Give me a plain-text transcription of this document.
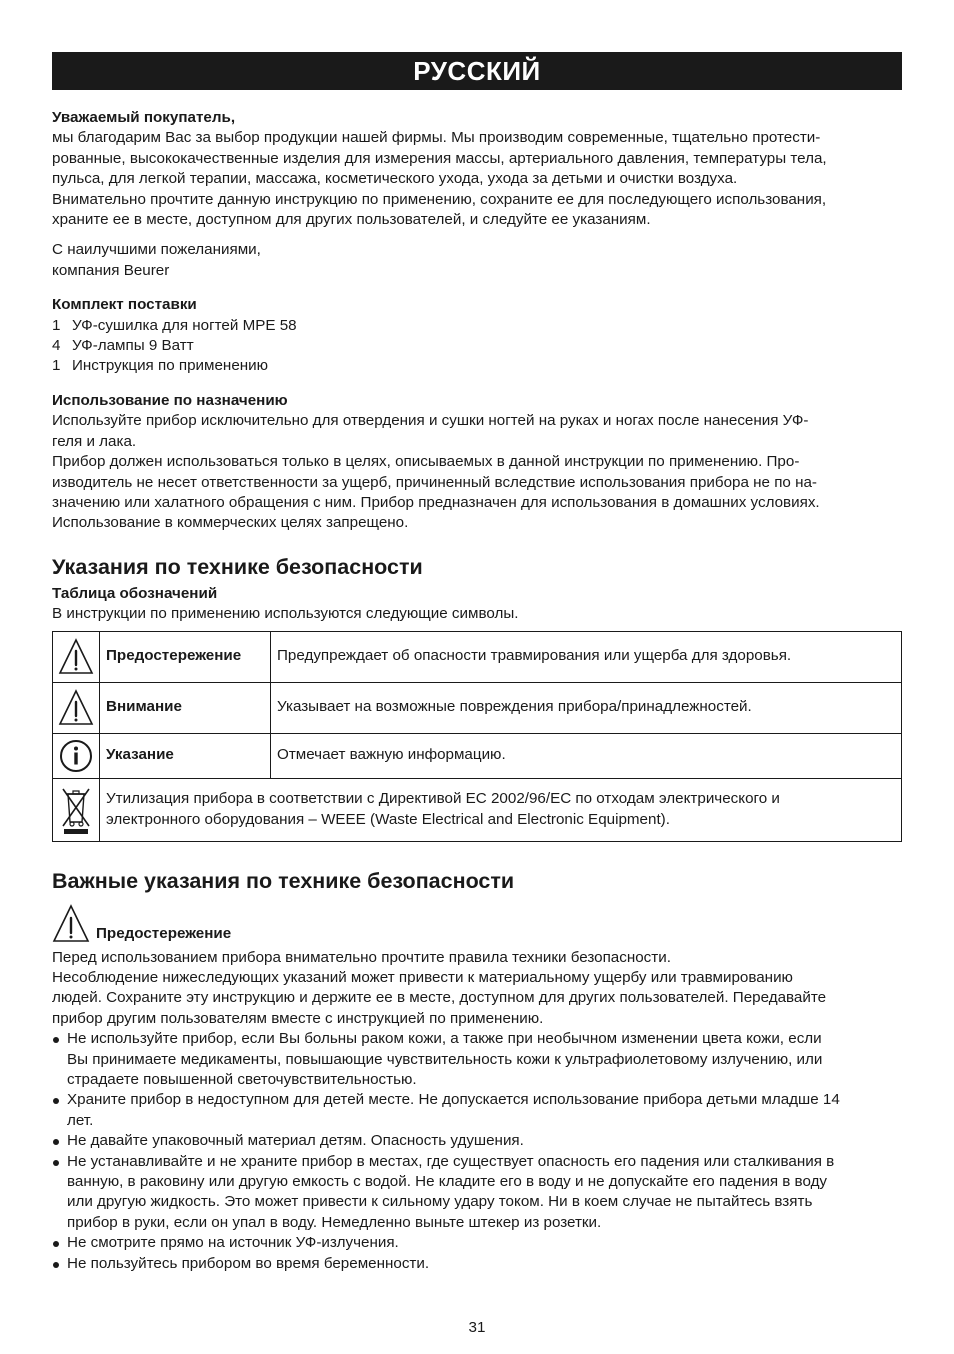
РУССКИЙ

Уважаемый покупатель,

мы благодарим Вас за выбор продукции нашей фирмы. Мы производим современные, тщательно протести-

рованные, высококачественные изделия для измерения массы, артериального давления, температуры тела,

пульса, для легкой терапии, массажа, косметического ухода, ухода за детьми и очистки воздуха.

Внимательно прочтите данную инструкцию по применению, сохраните ее для последующего использования,

храните ее в месте, доступном для других пользователей, и следуйте ее указаниям.

С наилучшими пожеланиями,

компания Beurer

Комплект поставки

1 УФ-сушилка для ногтей MPE 58
4 УФ-лампы 9 Ватт
1 Инструкция по применению

Использование по назначению

Используйте прибор исключительно для отвердения и сушки ногтей на руках и ногах после нанесения УФ-

геля и лака.

Прибор должен использоваться только в целях, описываемых в данной инструкции по применению. Про-

изводитель не несет ответственности за ущерб, причиненный вследствие использования прибора не по на-

значению или халатного обращения с ним. Прибор предназначен для использования в домашних условиях.

Использование в коммерческих целях запрещено.

Указания по технике безопасности

Таблица обозначений

В инструкции по применению используются следующие символы.

	Предостережение	Предупреждает об опасности травмирования или ущерба для здоровья.

	Внимание	Указывает на возможные повреждения прибора/принадлежностей.

	Указание	Отмечает важную информацию.

Утилизация прибора в соответствии с Директивой EC 2002/96/EC по отходам электрического и

электронного оборудования – WEEE (Waste Electrical and Electronic Equipment).	

Важные указания по технике безопасности
Предостережение

Перед использованием прибора внимательно прочтите правила техники безопасности.

Несоблюдение нижеследующих указаний может привести к материальному ущербу или травмированию

людей. Сохраните эту инструкцию и держите ее в месте, доступном для других пользователей. Передавайте

прибор другим пользователям вместе с инструкцией по применению.

Не используйте прибор, если Вы больны раком кожи, а также при необычном изменении цвета кожи, если

Вы принимаете медикаменты, повышающие чувствительность кожи к ультрафиолетовому излучению, или

страдаете повышенной светочувствительностью.

Храните прибор в недоступном для детей месте. Не допускается использование прибора детьми младше 14

лет.

Не давайте упаковочный материал детям. Опасность удушения.

Не устанавливайте и не храните прибор в местах, где существует опасность его падения или сталкивания в

ванную, в раковину или другую емкость с водой. Не кладите его в воду и не допускайте его падения в воду

или другую жидкость. Это может привести к сильному удару током. Ни в коем случае не пытайтесь взять

прибор в руки, если он упал в воду. Немедленно выньте штекер из розетки.

Не смотрите прямо на источник УФ-излучения.

Не пользуйтесь прибором во время беременности.

31
